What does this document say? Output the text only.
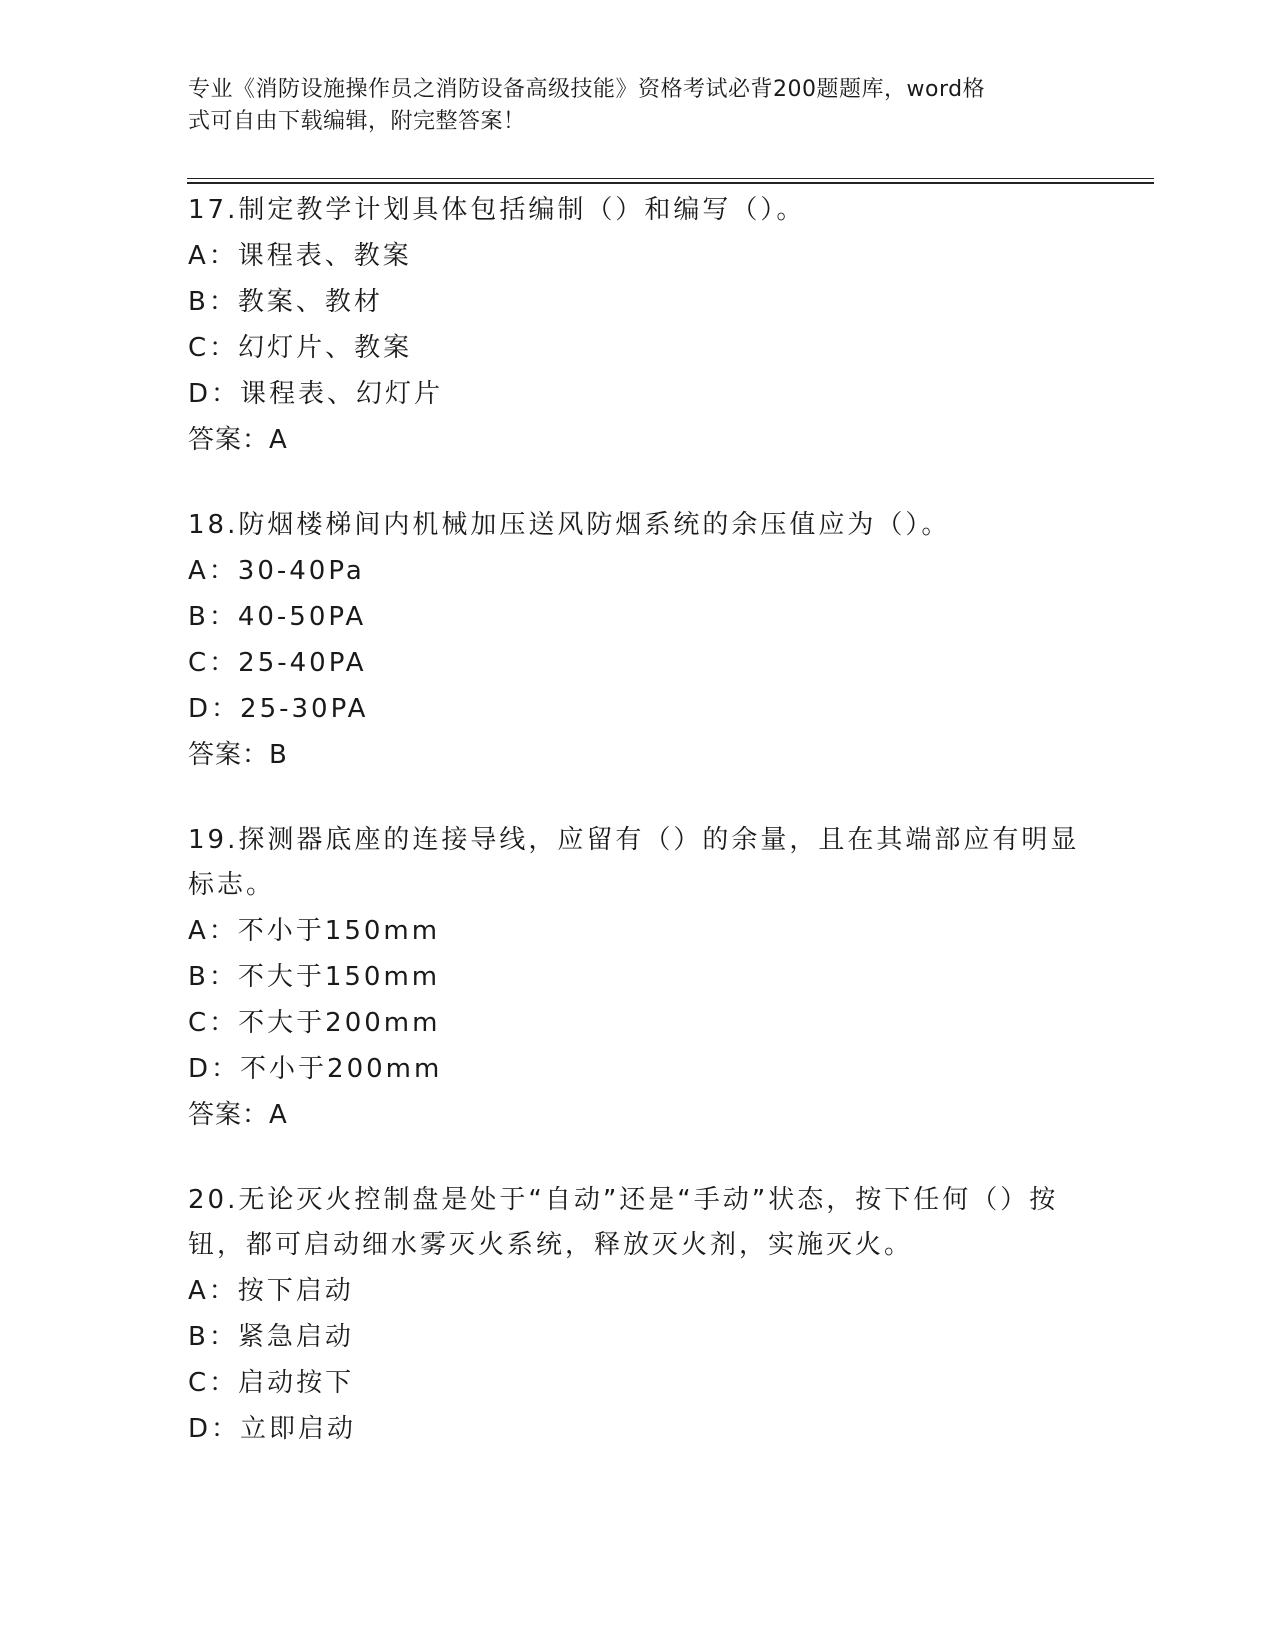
专业《消防设施操作员之消防设备高级技能》资格考试必背200题题库，word格
式可自由下载编辑，附完整答案！
17.制定教学计划具体包括编制（）和编写（）。
A：课程表、教案
B：教案、教材
C：幻灯片、教案
D：课程表、幻灯片
答案：A
18.防烟楼梯间内机械加压送风防烟系统的余压值应为（）。
A：30-40Pa
B：40-50PA
C：25-40PA
D：25-30PA
答案：B
19.探测器底座的连接导线，应留有（）的余量，且在其端部应有明显标志。
A：不小于150mm
B：不大于150mm
C：不大于200mm
D：不小于200mm
答案：A
20.无论灭火控制盘是处于“自动”还是“手动”状态，按下任何（）按钮，都可启动细水雾灭火系统，释放灭火剂，实施灭火。
A：按下启动
B：紧急启动
C：启动按下
D：立即启动
